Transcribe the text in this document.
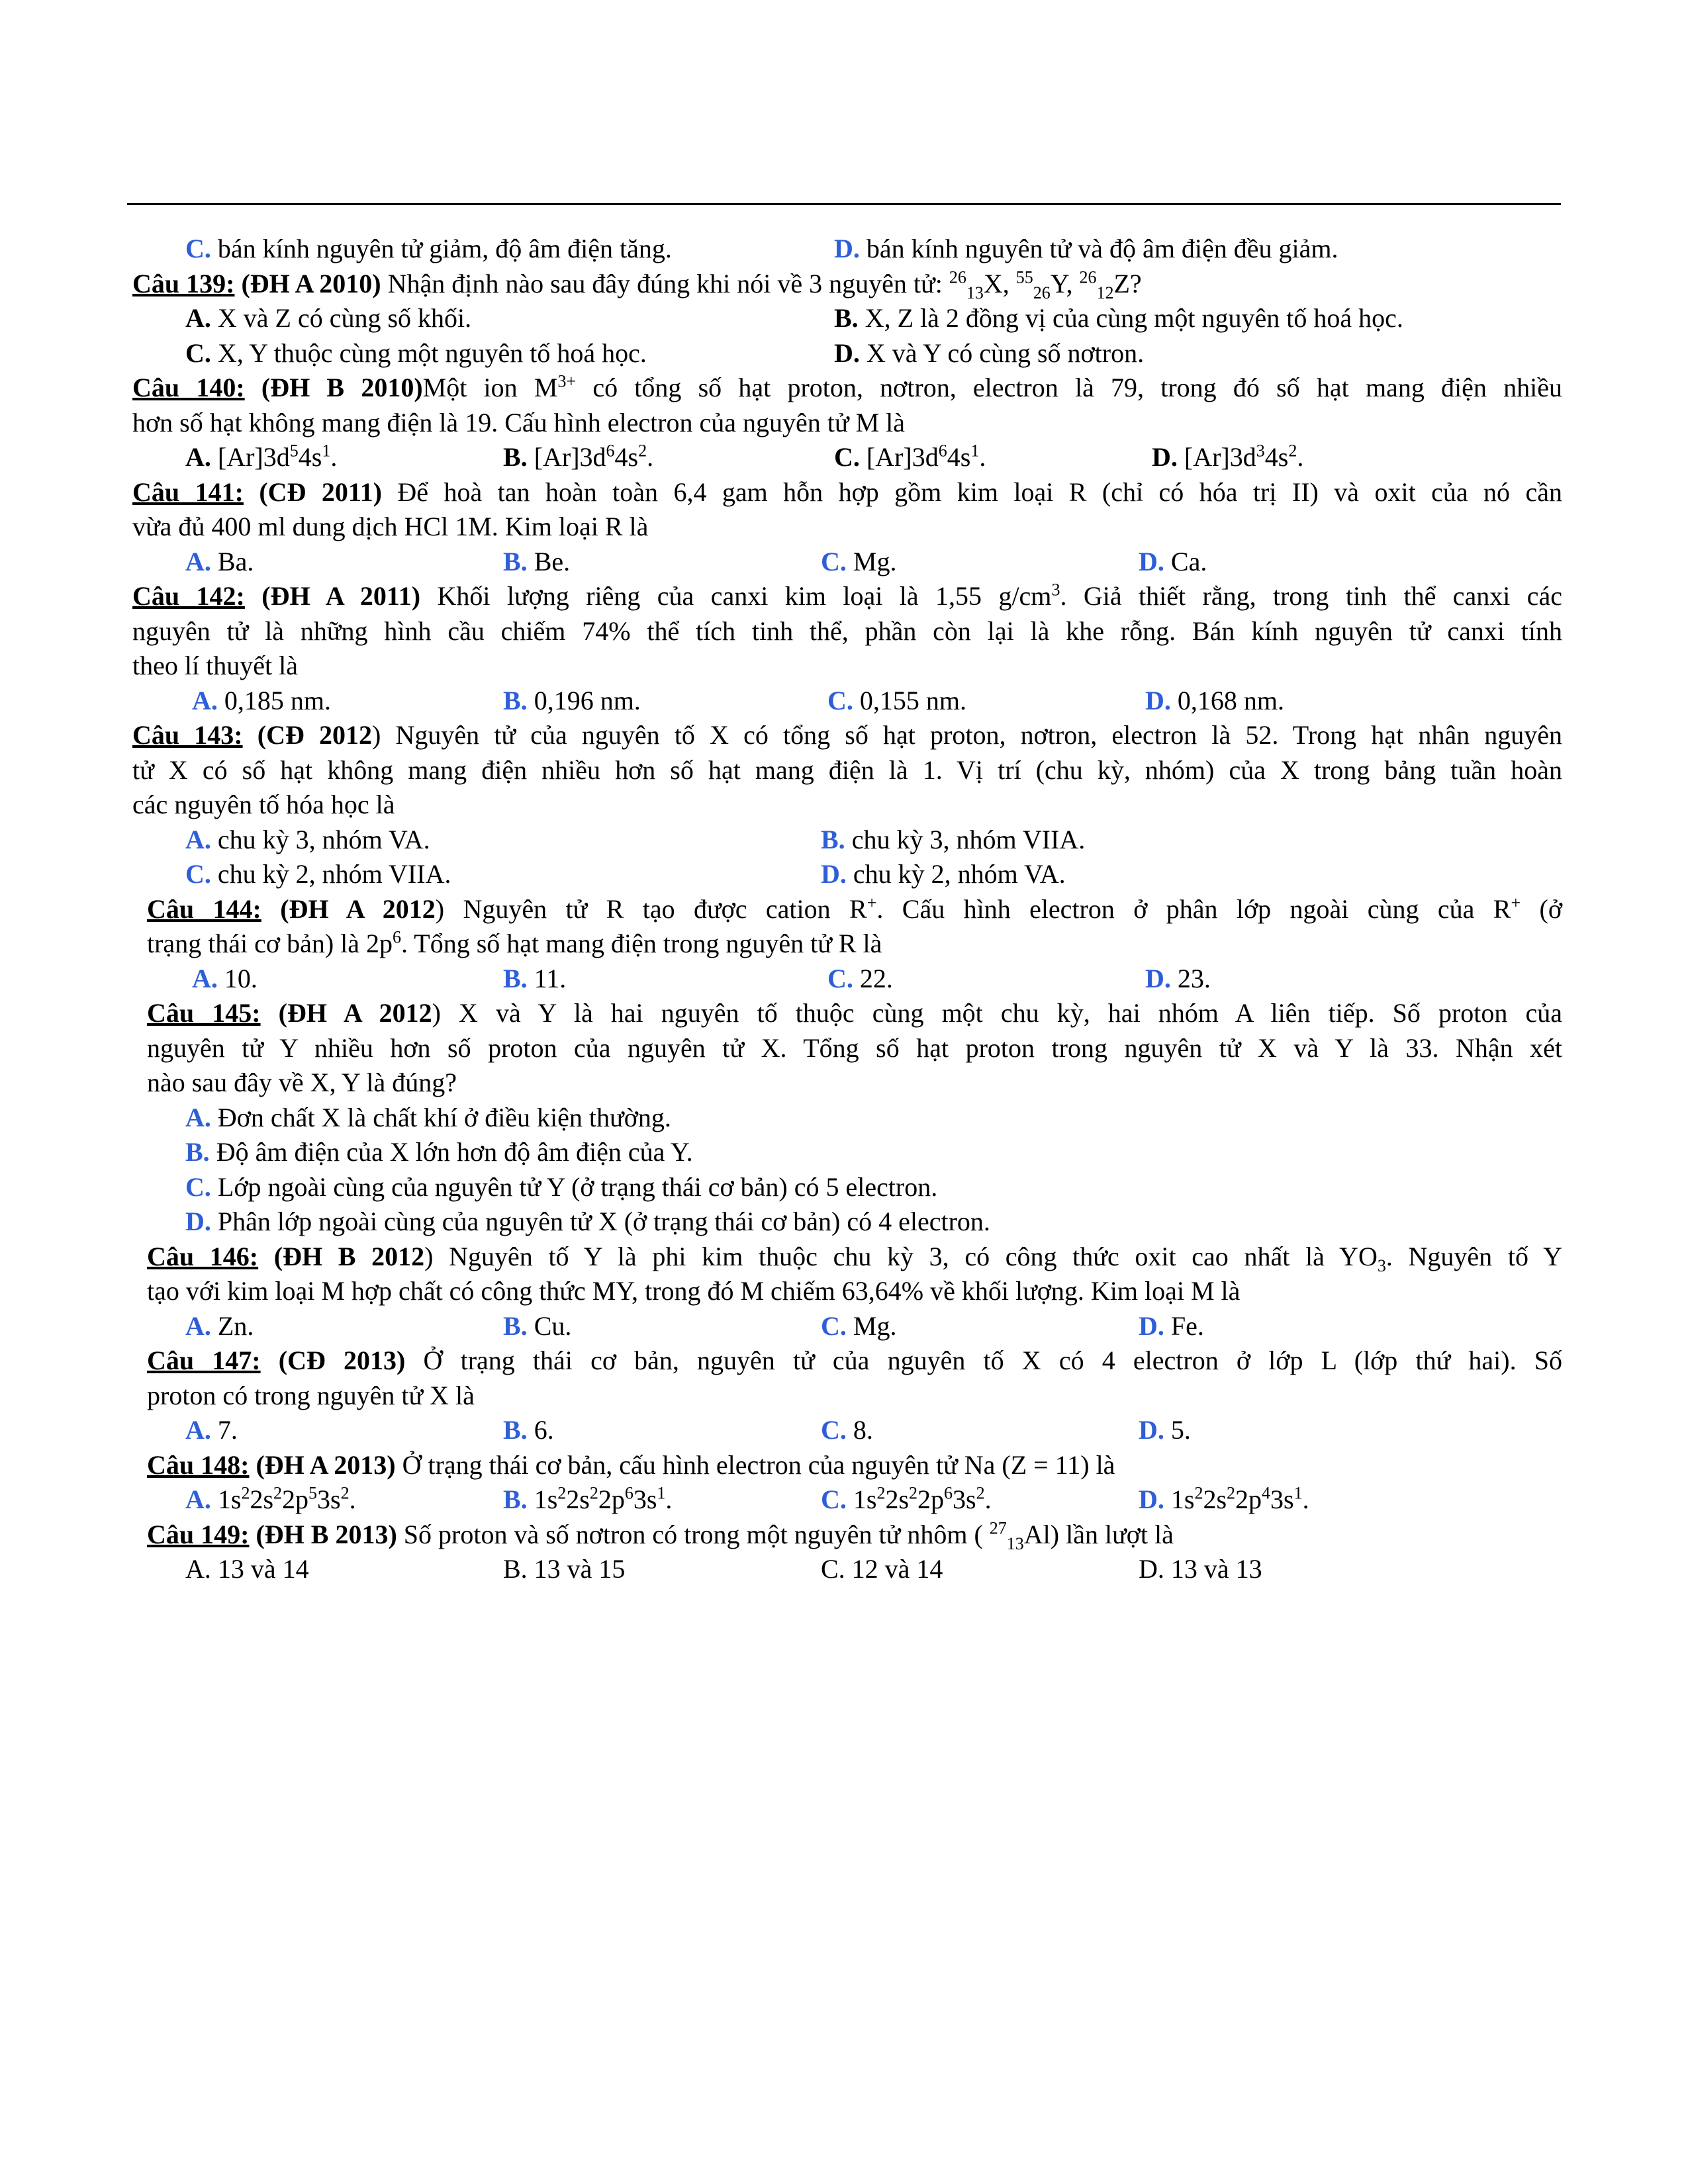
C. bán kính nguyên tử giảm, độ âm điện tăng.	D. bán kính nguyên tử và độ âm điện đều giảm.
Câu 139: (ĐH A 2010) Nhận định nào sau đây đúng khi nói về 3 nguyên tử: $^{26}_{13}$X, $^{55}_{26}$Y, $^{26}_{12}$Z?
A. X và Z có cùng số khối.	B. X, Z là 2 đồng vị của cùng một nguyên tố hoá học.
C. X, Y thuộc cùng một nguyên tố hoá học.	D. X và Y có cùng số nơtron.
Câu 140: (ĐH B 2010)Một ion $M^{3+}$ có tổng số hạt proton, nơtron, electron là 79, trong đó số hạt mang điện nhiều
hơn số hạt không mang điện là 19. Cấu hình electron của nguyên tử M là
A. $[Ar]3d^54s^1$.	B. $[Ar]3d^64s^2$.	C. $[Ar]3d^64s^1$.	D. $[Ar]3d^34s^2$.
Câu 141: (CĐ 2011) Để hoà tan hoàn toàn 6,4 gam hỗn hợp gồm kim loại R (chỉ có hóa trị II) và oxit của nó cần
vừa đủ 400 ml dung dịch HCl 1M. Kim loại R là
A. Ba.	B. Be.	C. Mg.	D. Ca.
Câu 142: (ĐH A 2011) Khối lượng riêng của canxi kim loại là 1,55 $g/cm^3$. Giả thiết rằng, trong tinh thể canxi các
nguyên tử là những hình cầu chiếm 74% thể tích tinh thể, phần còn lại là khe rỗng. Bán kính nguyên tử canxi tính
theo lí thuyết là
A. 0,185 nm.	B. 0,196 nm.	C. 0,155 nm.	D. 0,168 nm.
Câu 143: (CĐ 2012) Nguyên tử của nguyên tố X có tổng số hạt proton, nơtron, electron là 52. Trong hạt nhân nguyên
tử X có số hạt không mang điện nhiều hơn số hạt mang điện là 1. Vị trí (chu kỳ, nhóm) của X trong bảng tuần hoàn
các nguyên tố hóa học là
A. chu kỳ 3, nhóm VA.	B. chu kỳ 3, nhóm VIIA.
C. chu kỳ 2, nhóm VIIA.	D. chu kỳ 2, nhóm VA.
Câu 144: (ĐH A 2012) Nguyên tử R tạo được cation R+. Cấu hình electron ở phân lớp ngoài cùng của R+ (ở
trạng thái cơ bản) là $2p^6$. Tổng số hạt mang điện trong nguyên tử R là
A. 10.	B. 11.	C. 22.	D. 23.
Câu 145: (ĐH A 2012) X và Y là hai nguyên tố thuộc cùng một chu kỳ, hai nhóm A liên tiếp. Số proton của
nguyên tử Y nhiều hơn số proton của nguyên tử X. Tổng số hạt proton trong nguyên tử X và Y là 33. Nhận xét
nào sau đây về X, Y là đúng?
A. Đơn chất X là chất khí ở điều kiện thường.
B. Độ âm điện của X lớn hơn độ âm điện của Y.
C. Lớp ngoài cùng của nguyên tử Y (ở trạng thái cơ bản) có 5 electron.
D. Phân lớp ngoài cùng của nguyên tử X (ở trạng thái cơ bản) có 4 electron.
Câu 146: (ĐH B 2012) Nguyên tố Y là phi kim thuộc chu kỳ 3, có công thức oxit cao nhất là $YO_3$. Nguyên tố Y
tạo với kim loại M hợp chất có công thức MY, trong đó M chiếm 63,64% về khối lượng. Kim loại M là
A. Zn.	B. Cu.	C. Mg.	D. Fe.
Câu 147: (CĐ 2013) Ở trạng thái cơ bản, nguyên tử của nguyên tố X có 4 electron ở lớp L (lớp thứ hai). Số
proton có trong nguyên tử X là
A. 7.	B. 6.	C. 8.	D. 5.
Câu 148: (ĐH A 2013) Ở trạng thái cơ bản, cấu hình electron của nguyên tử Na (Z = 11) là
A. $1s^22s^22p^53s^2$.	B. $1s^22s^22p^63s^1$.	C. $1s^22s^22p^63s^2$.	D. $1s^22s^22p^43s^1$.
Câu 149: (ĐH B 2013) Số proton và số nơtron có trong một nguyên tử nhôm ( $^{27}_{13}$Al) lần lượt là
A. 13 và 14	B. 13 và 15	C. 12 và 14	D. 13 và 13
